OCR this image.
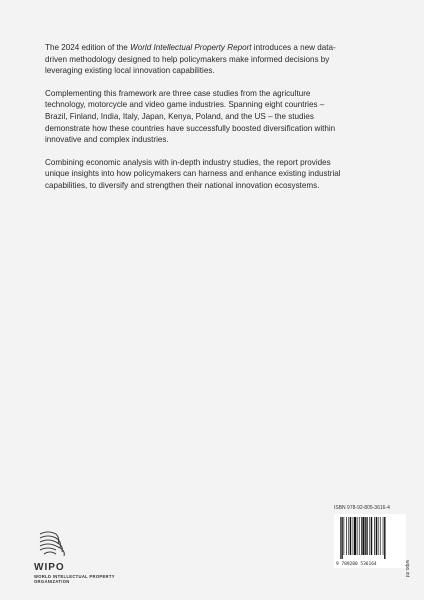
The 2024 edition of the World Intellectual Property Report introduces a new data-driven methodology designed to help policymakers make informed decisions by leveraging existing local innovation capabilities.

Complementing this framework are three case studies from the agriculture technology, motorcycle and video game industries. Spanning eight countries – Brazil, Finland, India, Italy, Japan, Kenya, Poland, and the US – the studies demonstrate how these countries have successfully boosted diversification within innovative and complex industries.

Combining economic analysis with in-depth industry studies, the report provides unique insights into how policymakers can harness and enhance existing industrial capabilities, to diversify and strengthen their national innovation ecosystems.

WIPO
WORLD INTELLECTUAL PROPERTY ORGANIZATION
ISBN 978-92-805-3616-4
9 789280 536164	wipo.int
